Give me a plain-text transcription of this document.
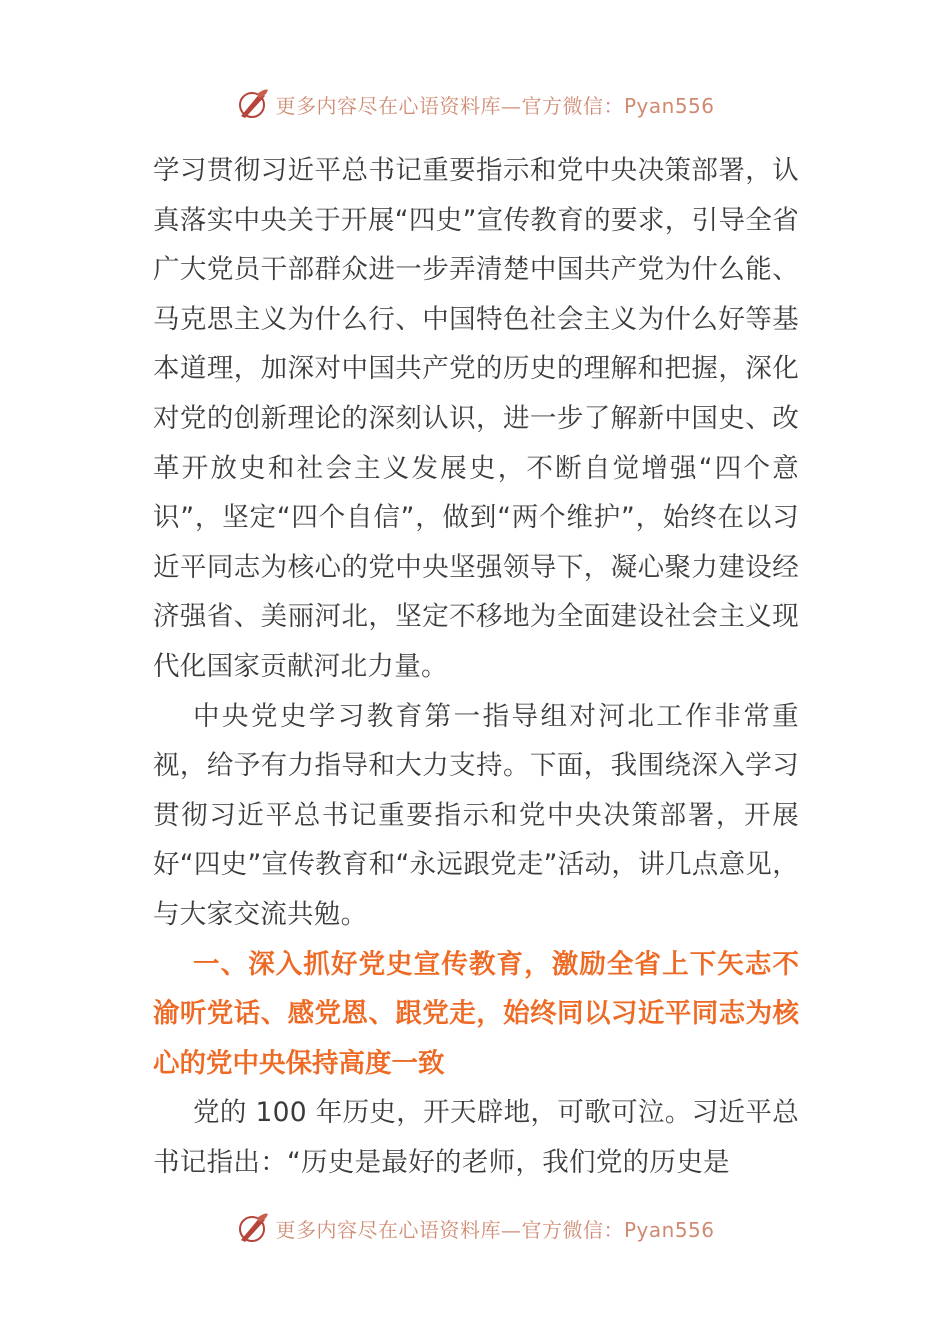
更多内容尽在心语资料库—官方微信：Pyan556

学习贯彻习近平总书记重要指示和党中央决策部署，认真落实中央关于开展“四史”宣传教育的要求，引导全省广大党员干部群众进一步弄清楚中国共产党为什么能、马克思主义为什么行、中国特色社会主义为什么好等基本道理，加深对中国共产党的历史的理解和把握，深化对党的创新理论的深刻认识，进一步了解新中国史、改革开放史和社会主义发展史，不断自觉增强“四个意识”，坚定“四个自信”，做到“两个维护”，始终在以习近平同志为核心的党中央坚强领导下，凝心聚力建设经济强省、美丽河北，坚定不移地为全面建设社会主义现代化国家贡献河北力量。

中央党史学习教育第一指导组对河北工作非常重视，给予有力指导和大力支持。下面，我围绕深入学习贯彻习近平总书记重要指示和党中央决策部署，开展好“四史”宣传教育和“永远跟党走”活动，讲几点意见，与大家交流共勉。

一、深入抓好党史宣传教育，激励全省上下矢志不渝听党话、感党恩、跟党走，始终同以习近平同志为核心的党中央保持高度一致

党的 100 年历史，开天辟地，可歌可泣。习近平总书记指出：“历史是最好的老师，我们党的历史是

更多内容尽在心语资料库—官方微信：Pyan556
